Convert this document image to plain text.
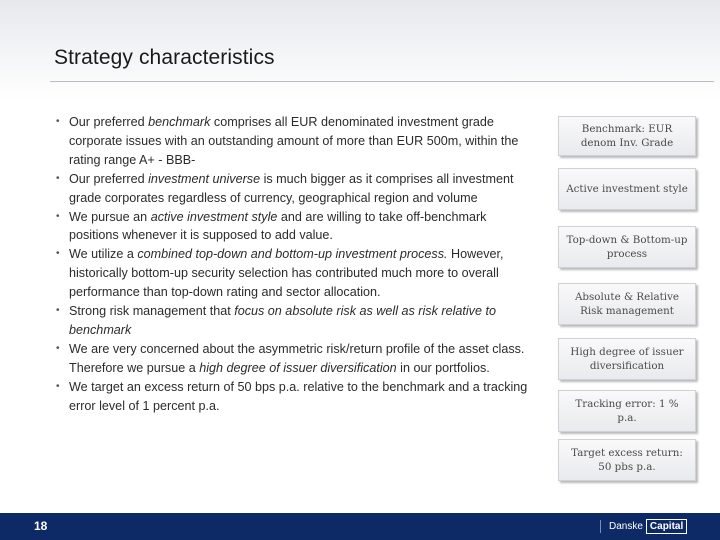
Strategy characteristics
• Our preferred benchmark comprises all EUR denominated investment grade corporate issues with an outstanding amount of more than EUR 500m, within the rating range A+ - BBB-
• Our preferred investment universe is much bigger as it comprises all investment grade corporates regardless of currency, geographical region and volume
• We pursue an active investment style and are willing to take off-benchmark positions whenever it is supposed to add value.
• We utilize a combined top-down and bottom-up investment process. However, historically bottom-up security selection has contributed much more to overall performance than top-down rating and sector allocation.
• Strong risk management that focus on absolute risk as well as risk relative to benchmark
• We are very concerned about the asymmetric risk/return profile of the asset class. Therefore we pursue a high degree of issuer diversification in our portfolios.
• We target an excess return of 50 bps p.a. relative to the benchmark and a tracking error level of 1 percent p.a.
Benchmark: EUR denom Inv. Grade
Active investment style
Top-down & Bottom-up process
Absolute & Relative Risk management
High degree of issuer diversification
Tracking error: 1 % p.a.
Target excess return: 50 pbs p.a.
18	Danske Capital
